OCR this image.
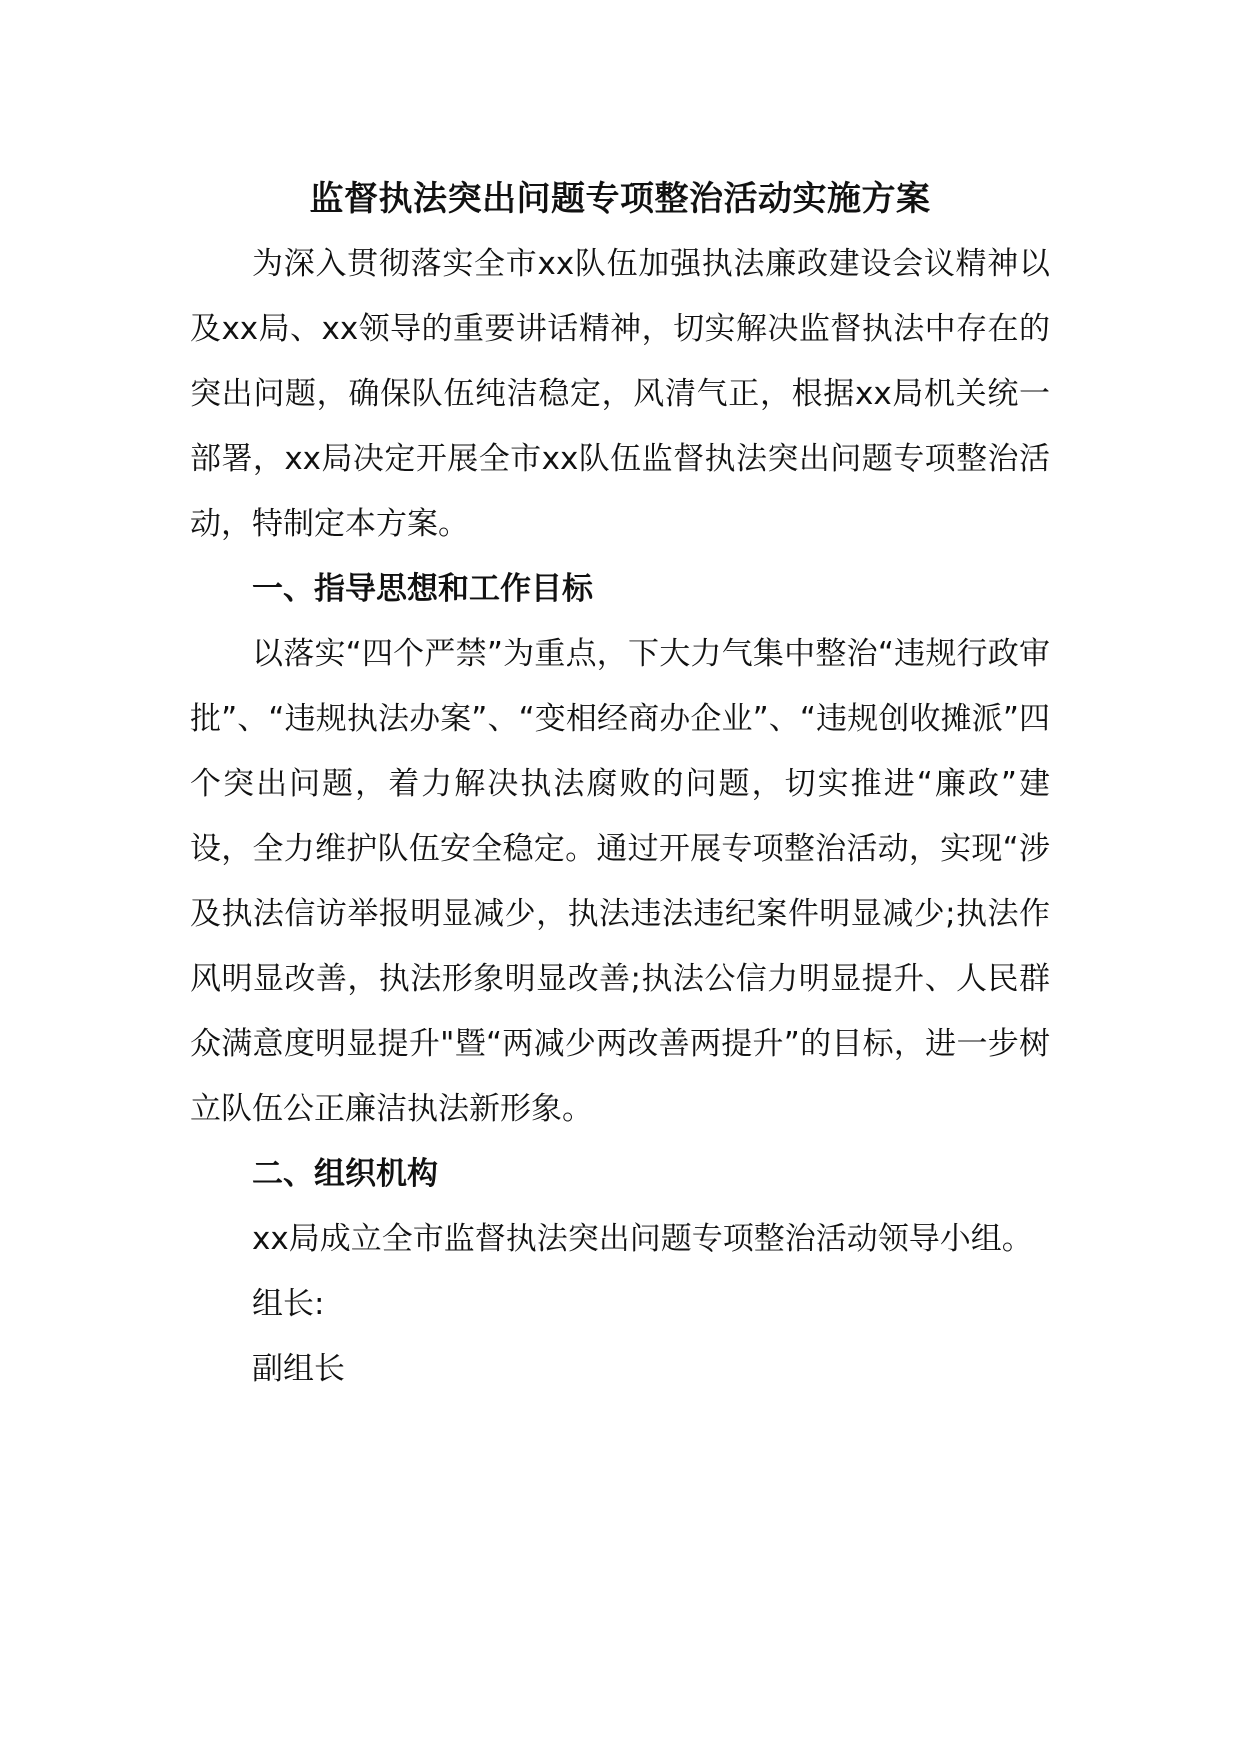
监督执法突出问题专项整治活动实施方案

为深入贯彻落实全市xx队伍加强执法廉政建设会议精神以及xx局、xx领导的重要讲话精神，切实解决监督执法中存在的突出问题，确保队伍纯洁稳定，风清气正，根据xx局机关统一部署，xx局决定开展全市xx队伍监督执法突出问题专项整治活动，特制定本方案。

一、指导思想和工作目标

以落实“四个严禁”为重点，下大力气集中整治“违规行政审批”、“违规执法办案”、“变相经商办企业”、“违规创收摊派”四个突出问题，着力解决执法腐败的问题，切实推进“廉政”建设，全力维护队伍安全稳定。通过开展专项整治活动，实现“涉及执法信访举报明显减少，执法违法违纪案件明显减少;执法作风明显改善，执法形象明显改善;执法公信力明显提升、人民群众满意度明显提升"暨“两减少两改善两提升”的目标，进一步树立队伍公正廉洁执法新形象。

二、组织机构

xx局成立全市监督执法突出问题专项整治活动领导小组。

组长:

副组长
